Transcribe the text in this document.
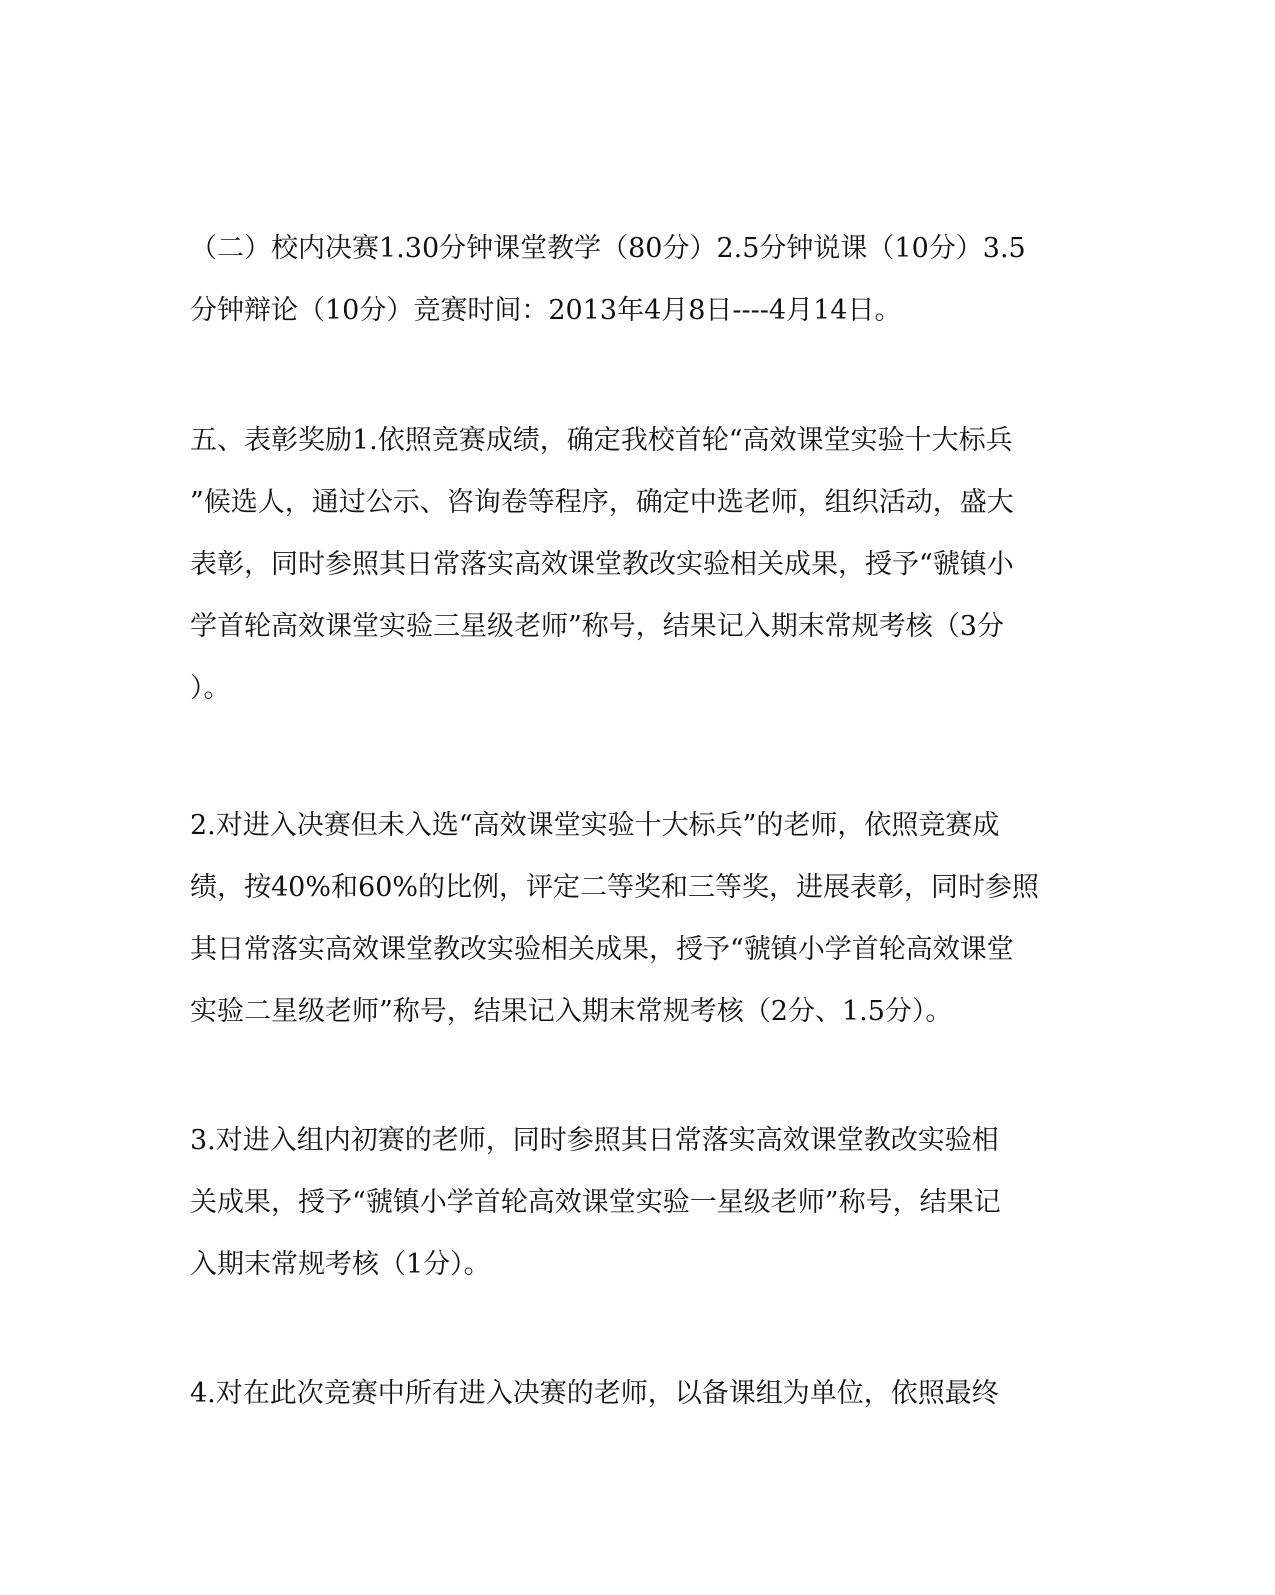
（二）校内决赛1.30分钟课堂教学（80分）2.5分钟说课（10分）3.5
分钟辩论（10分）竞赛时间：2013年4月8日----4月14日。
五、表彰奖励1.依照竞赛成绩，确定我校首轮“高效课堂实验十大标兵
”候选人，通过公示、咨询卷等程序，确定中选老师，组织活动，盛大
表彰，同时参照其日常落实高效课堂教改实验相关成果，授予“虢镇小
学首轮高效课堂实验三星级老师”称号，结果记入期末常规考核（3分
）。
2.对进入决赛但未入选“高效课堂实验十大标兵”的老师，依照竞赛成
绩，按40%和60%的比例，评定二等奖和三等奖，进展表彰，同时参照
其日常落实高效课堂教改实验相关成果，授予“虢镇小学首轮高效课堂
实验二星级老师”称号，结果记入期末常规考核（2分、1.5分）。
3.对进入组内初赛的老师，同时参照其日常落实高效课堂教改实验相
关成果，授予“虢镇小学首轮高效课堂实验一星级老师”称号，结果记
入期末常规考核（1分）。
4.对在此次竞赛中所有进入决赛的老师，以备课组为单位，依照最终
